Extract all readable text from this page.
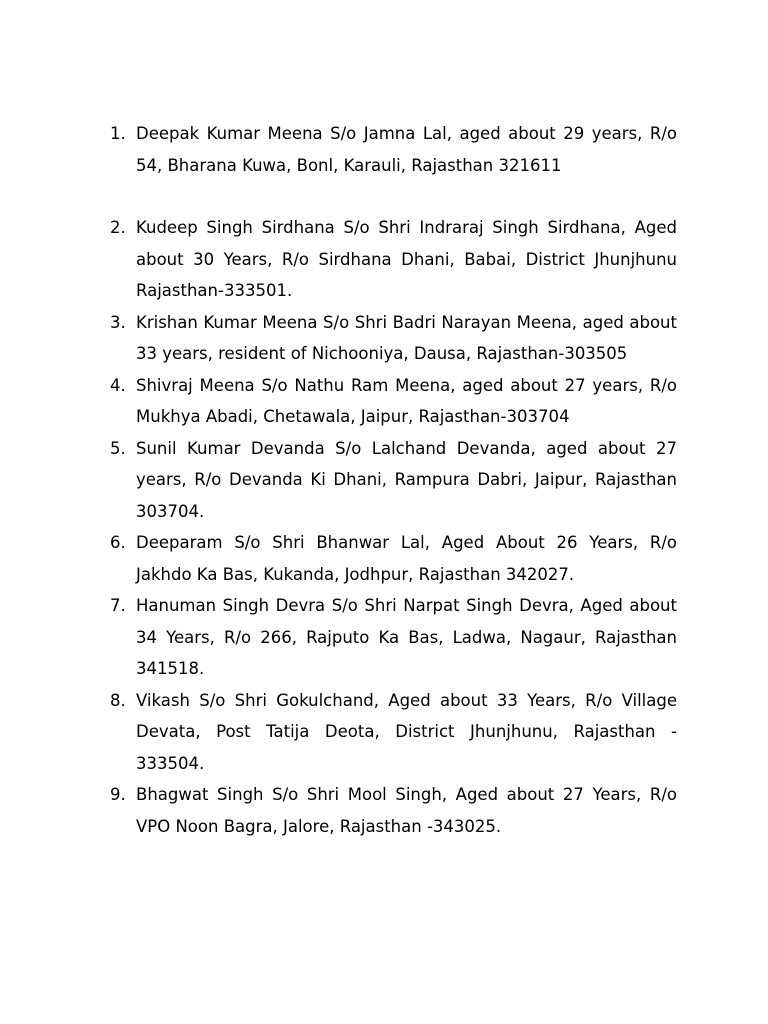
1. Deepak Kumar Meena S/o Jamna Lal, aged about 29 years, R/o 54, Bharana Kuwa, Bonl, Karauli, Rajasthan 321611
2. Kudeep Singh Sirdhana S/o Shri Indraraj Singh Sirdhana, Aged about 30 Years, R/o Sirdhana Dhani, Babai, District Jhunjhunu Rajasthan-333501.
3. Krishan Kumar Meena S/o Shri Badri Narayan Meena, aged about 33 years, resident of Nichooniya, Dausa, Rajasthan-303505
4. Shivraj Meena S/o Nathu Ram Meena, aged about 27 years, R/o Mukhya Abadi, Chetawala, Jaipur, Rajasthan-303704
5. Sunil Kumar Devanda S/o Lalchand Devanda, aged about 27 years, R/o Devanda Ki Dhani, Rampura Dabri, Jaipur, Rajasthan 303704.
6. Deeparam S/o Shri Bhanwar Lal, Aged About 26 Years, R/o Jakhdo Ka Bas, Kukanda, Jodhpur, Rajasthan 342027.
7. Hanuman Singh Devra S/o Shri Narpat Singh Devra, Aged about 34 Years, R/o 266, Rajputo Ka Bas, Ladwa, Nagaur, Rajasthan 341518.
8. Vikash S/o Shri Gokulchand, Aged about 33 Years, R/o Village Devata, Post Tatija Deota, District Jhunjhunu, Rajasthan - 333504.
9. Bhagwat Singh S/o Shri Mool Singh, Aged about 27 Years, R/o VPO Noon Bagra, Jalore, Rajasthan -343025.
